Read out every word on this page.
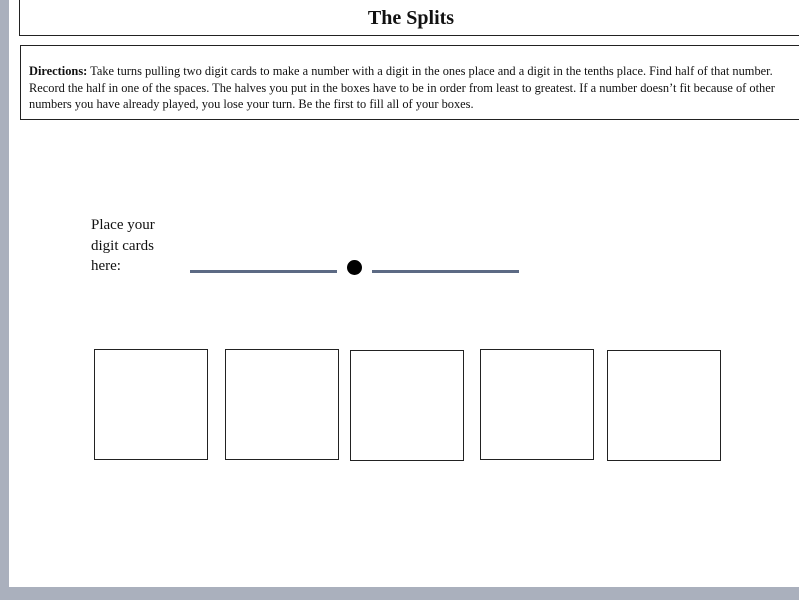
The Splits
Directions: Take turns pulling two digit cards to make a number with a digit in the ones place and a digit in the tenths place. Find half of that number. Record the half in one of the spaces. The halves you put in the boxes have to be in order from least to greatest. If a number doesn’t fit because of other numbers you have already played, you lose your turn. Be the first to fill all of your boxes.
Place your
digit cards
here:
